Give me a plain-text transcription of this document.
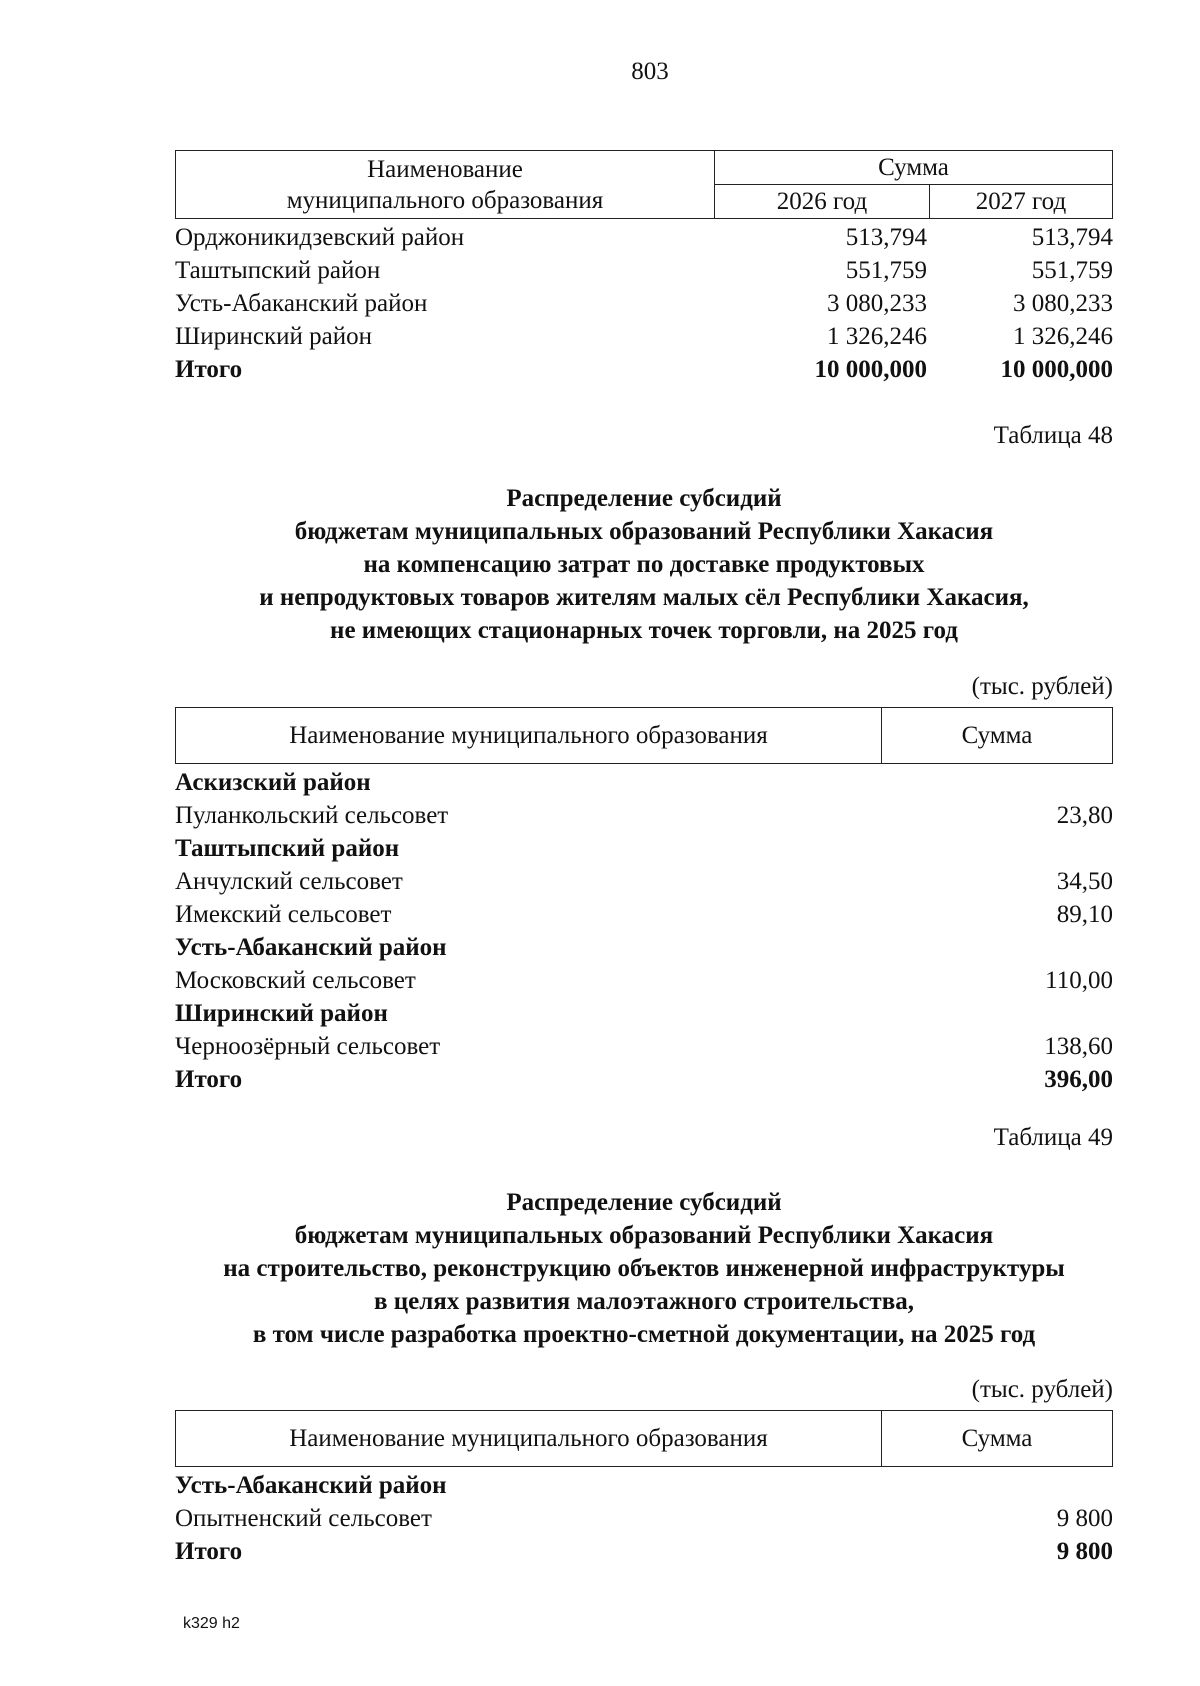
803
Наименование
муниципального образования	Сумма	
	2026 год	2027 год
Орджоникидзевский район	513,794	513,794
Таштыпский район	551,759	551,759
Усть-Абаканский район	3 080,233	3 080,233
Ширинский район	1 326,246	1 326,246
Итого	10 000,000	10 000,000
Таблица 48
Распределение субсидий
бюджетам муниципальных образований Республики Хакасия
на компенсацию затрат по доставке продуктовых
и непродуктовых товаров жителям малых сёл Республики Хакасия,
не имеющих стационарных точек торговли, на 2025 год
(тыс. рублей)
Наименование муниципального образования	Сумма
Аскизский район
Пуланкольский сельсовет	23,80
Таштыпский район
Анчулский сельсовет	34,50
Имекский сельсовет	89,10
Усть-Абаканский район
Московский сельсовет	110,00
Ширинский район
Черноозёрный сельсовет	138,60
Итого	396,00
Таблица 49
Распределение субсидий
бюджетам муниципальных образований Республики Хакасия
на строительство, реконструкцию объектов инженерной инфраструктуры
в целях развития малоэтажного строительства,
в том числе разработка проектно-сметной документации, на 2025 год
(тыс. рублей)
Наименование муниципального образования	Сумма
Усть-Абаканский район
Опытненский сельсовет	9 800
Итого	9 800
k329 h2
